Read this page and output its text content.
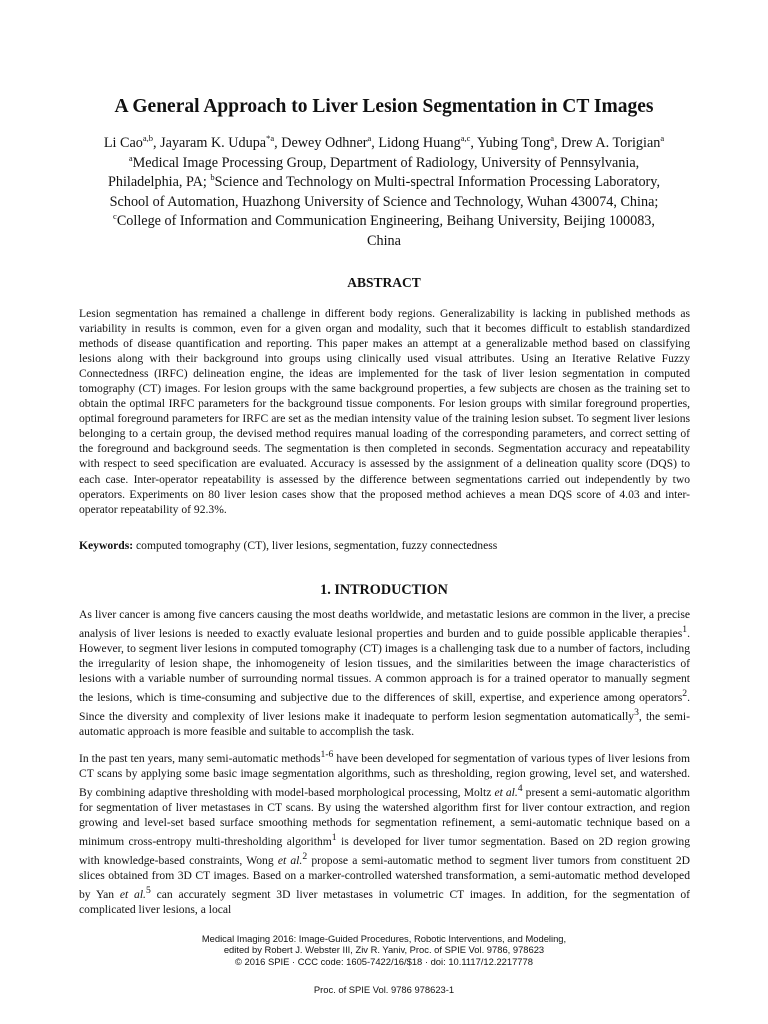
A General Approach to Liver Lesion Segmentation in CT Images
Li Cao$^{a,b}$, Jayaram K. Udupa$^{*a}$, Dewey Odhner$^a$, Lidong Huang$^{a,c}$, Yubing Tong$^a$, Drew A. Torigian$^a$
$^a$Medical Image Processing Group, Department of Radiology, University of Pennsylvania,
Philadelphia, PA; $^b$Science and Technology on Multi-spectral Information Processing Laboratory,
School of Automation, Huazhong University of Science and Technology, Wuhan 430074, China;
$^c$College of Information and Communication Engineering, Beihang University, Beijing 100083,
China
ABSTRACT

Lesion segmentation has remained a challenge in different body regions. Generalizability is lacking in published methods as variability in results is common, even for a given organ and modality, such that it becomes difficult to establish standardized methods of disease quantification and reporting. This paper makes an attempt at a generalizable method based on classifying lesions along with their background into groups using clinically used visual attributes. Using an Iterative Relative Fuzzy Connectedness (IRFC) delineation engine, the ideas are implemented for the task of liver lesion segmentation in computed tomography (CT) images. For lesion groups with the same background properties, a few subjects are chosen as the training set to obtain the optimal IRFC parameters for the background tissue components. For lesion groups with similar foreground properties, optimal foreground parameters for IRFC are set as the median intensity value of the training lesion subset. To segment liver lesions belonging to a certain group, the devised method requires manual loading of the corresponding parameters, and correct setting of the foreground and background seeds. The segmentation is then completed in seconds. Segmentation accuracy and repeatability with respect to seed specification are evaluated. Accuracy is assessed by the assignment of a delineation quality score (DQS) to each case. Inter-operator repeatability is assessed by the difference between segmentations carried out independently by two operators. Experiments on 80 liver lesion cases show that the proposed method achieves a mean DQS score of 4.03 and inter-operator repeatability of 92.3%.

Keywords: computed tomography (CT), liver lesions, segmentation, fuzzy connectedness

1. INTRODUCTION

As liver cancer is among five cancers causing the most deaths worldwide, and metastatic lesions are common in the liver, a precise analysis of liver lesions is needed to exactly evaluate lesional properties and burden and to guide possible applicable therapies$^1$. However, to segment liver lesions in computed tomography (CT) images is a challenging task due to a number of factors, including the irregularity of lesion shape, the inhomogeneity of lesion tissues, and the similarities between the image characteristics of lesions with a variable number of surrounding normal tissues. A common approach is for a trained operator to manually segment the lesions, which is time-consuming and subjective due to the differences of skill, expertise, and experience among operators$^2$. Since the diversity and complexity of liver lesions make it inadequate to perform lesion segmentation automatically$^3$, the semi-automatic approach is more feasible and suitable to accomplish the task.

In the past ten years, many semi-automatic methods$^{1-6}$ have been developed for segmentation of various types of liver lesions from CT scans by applying some basic image segmentation algorithms, such as thresholding, region growing, level set, and watershed. By combining adaptive thresholding with model-based morphological processing, Moltz et al.$^4$ present a semi-automatic algorithm for segmentation of liver metastases in CT scans. By using the watershed algorithm first for liver contour extraction, and region growing and level-set based surface smoothing methods for segmentation refinement, a semi-automatic technique based on a minimum cross-entropy multi-thresholding algorithm$^1$ is developed for liver tumor segmentation. Based on 2D region growing with knowledge-based constraints, Wong et al.$^2$ propose a semi-automatic method to segment liver tumors from constituent 2D slices obtained from 3D CT images. Based on a marker-controlled watershed transformation, a semi-automatic method developed by Yan et al.$^5$ can accurately segment 3D liver metastases in volumetric CT images. In addition, for the segmentation of complicated liver lesions, a local

Medical Imaging 2016: Image-Guided Procedures, Robotic Interventions, and Modeling,
edited by Robert J. Webster III, Ziv R. Yaniv, Proc. of SPIE Vol. 9786, 978623
© 2016 SPIE · CCC code: 1605-7422/16/$18 · doi: 10.1117/12.2217778
Proc. of SPIE Vol. 9786 978623-1
